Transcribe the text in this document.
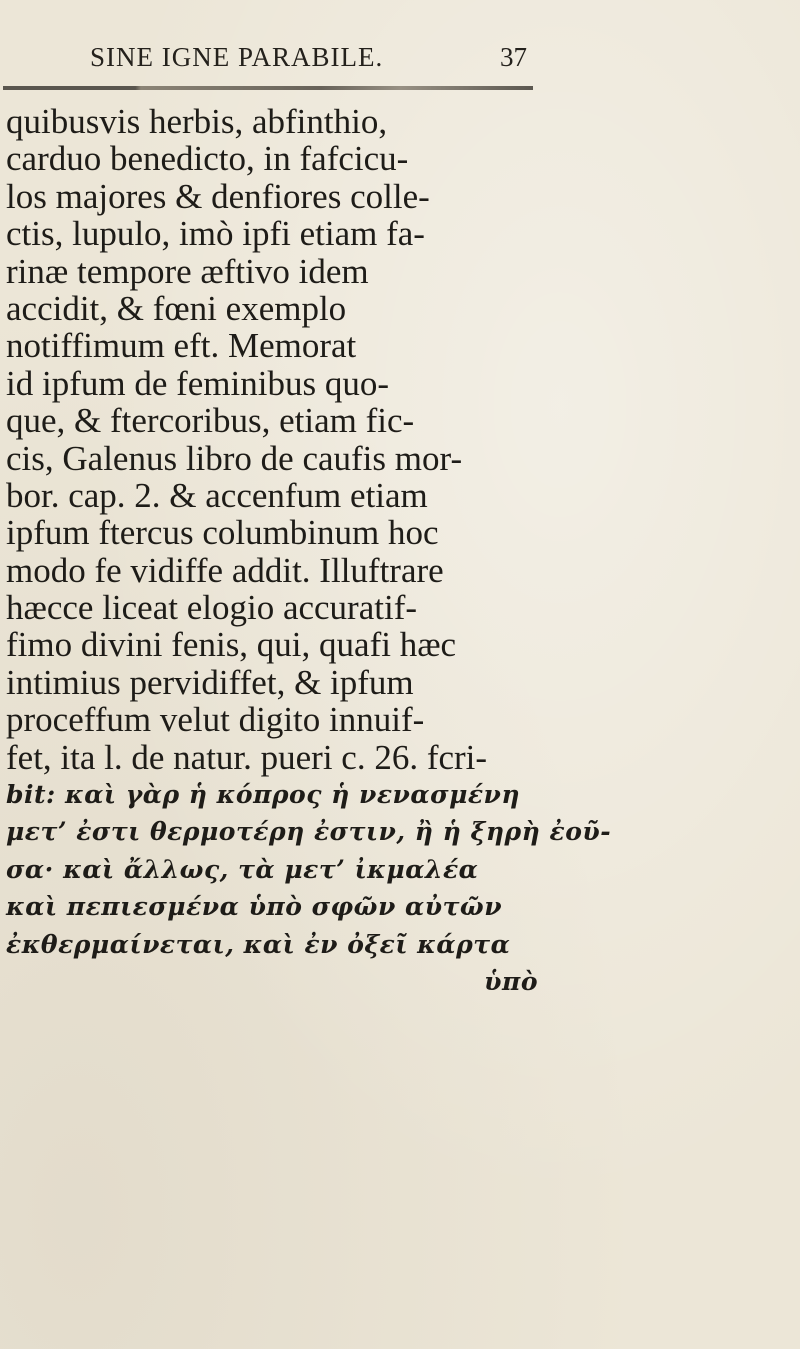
SINE IGNE PARABILE.	37
quibusvis herbis, abfinthio,
carduo benedicto, in fafcicu-
los majores & denfiores colle-
ctis, lupulo, imò ipfi etiam fa-
rinæ tempore æftivo idem
accidit, & fœni exemplo
notiffimum eft. Memorat
id ipfum de feminibus quo-
que, & ftercoribus, etiam fic-
cis, Galenus libro de caufis mor-
bor. cap. 2. & accenfum etiam
ipfum ftercus columbinum hoc
modo fe vidiffe addit. Illuftrare
hæcce liceat elogio accuratif-
fimo divini fenis, qui, quafi hæc
intimius pervidiffet, & ipfum
proceffum velut digito innuif-
fet, ita l. de natur. pueri c. 26. fcri-
bit: καὶ γὰρ ἡ κόπρος ἡ νενασμένη
μετ’ ἐστι θερμοτέρη ἐστιν, ἢ ἡ ξηρὴ ἐοῦ-
σα· καὶ ἄλλως, τὰ μετ’ ἰκμαλέα
καὶ πεπιεσμένα ὑπὸ σφῶν αὐτῶν
ἐκθερμαίνεται, καὶ ἐν ὀξεῖ κάρτα
ὑπὸ
